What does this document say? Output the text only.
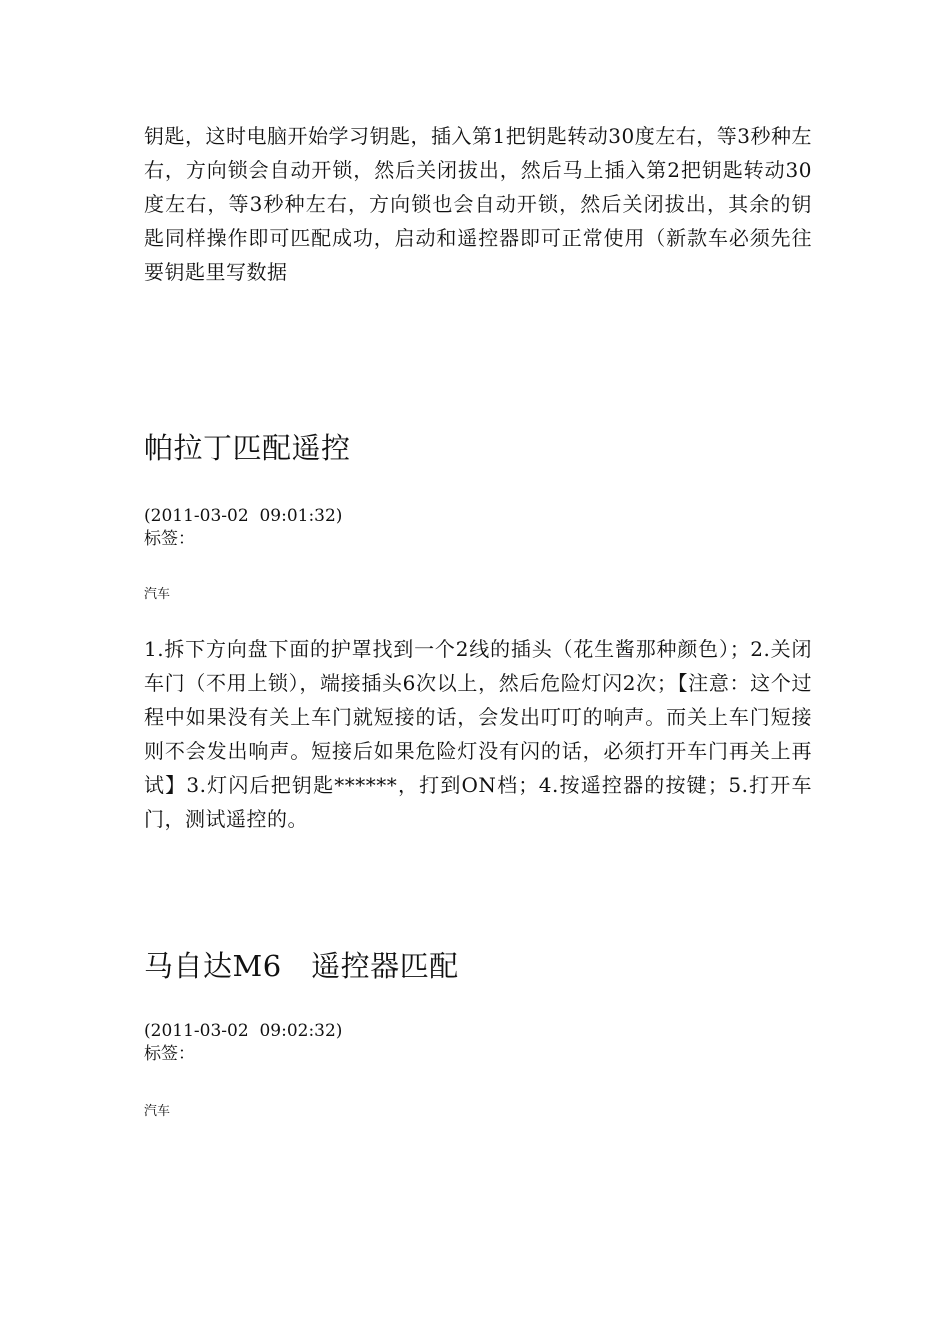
钥匙，这时电脑开始学习钥匙，插入第1把钥匙转动30度左右，等3秒种左右，方向锁会自动开锁，然后关闭拔出，然后马上插入第2把钥匙转动30度左右，等3秒种左右，方向锁也会自动开锁，然后关闭拔出，其余的钥匙同样操作即可匹配成功，启动和遥控器即可正常使用（新款车必须先往要钥匙里写数据

帕拉丁匹配遥控
(2011-03-02  09:01:32)
标签：
汽车

1.拆下方向盘下面的护罩找到一个2线的插头（花生酱那种颜色）；2.关闭车门（不用上锁），端接插头6次以上，然后危险灯闪2次；【注意：这个过程中如果没有关上车门就短接的话，会发出叮叮的响声。而关上车门短接则不会发出响声。短接后如果危险灯没有闪的话，必须打开车门再关上再试】3.灯闪后把钥匙******，打到ON档；4.按遥控器的按键；5.打开车门，测试遥控的。

马自达M6　遥控器匹配
(2011-03-02  09:02:32)
标签：
汽车
